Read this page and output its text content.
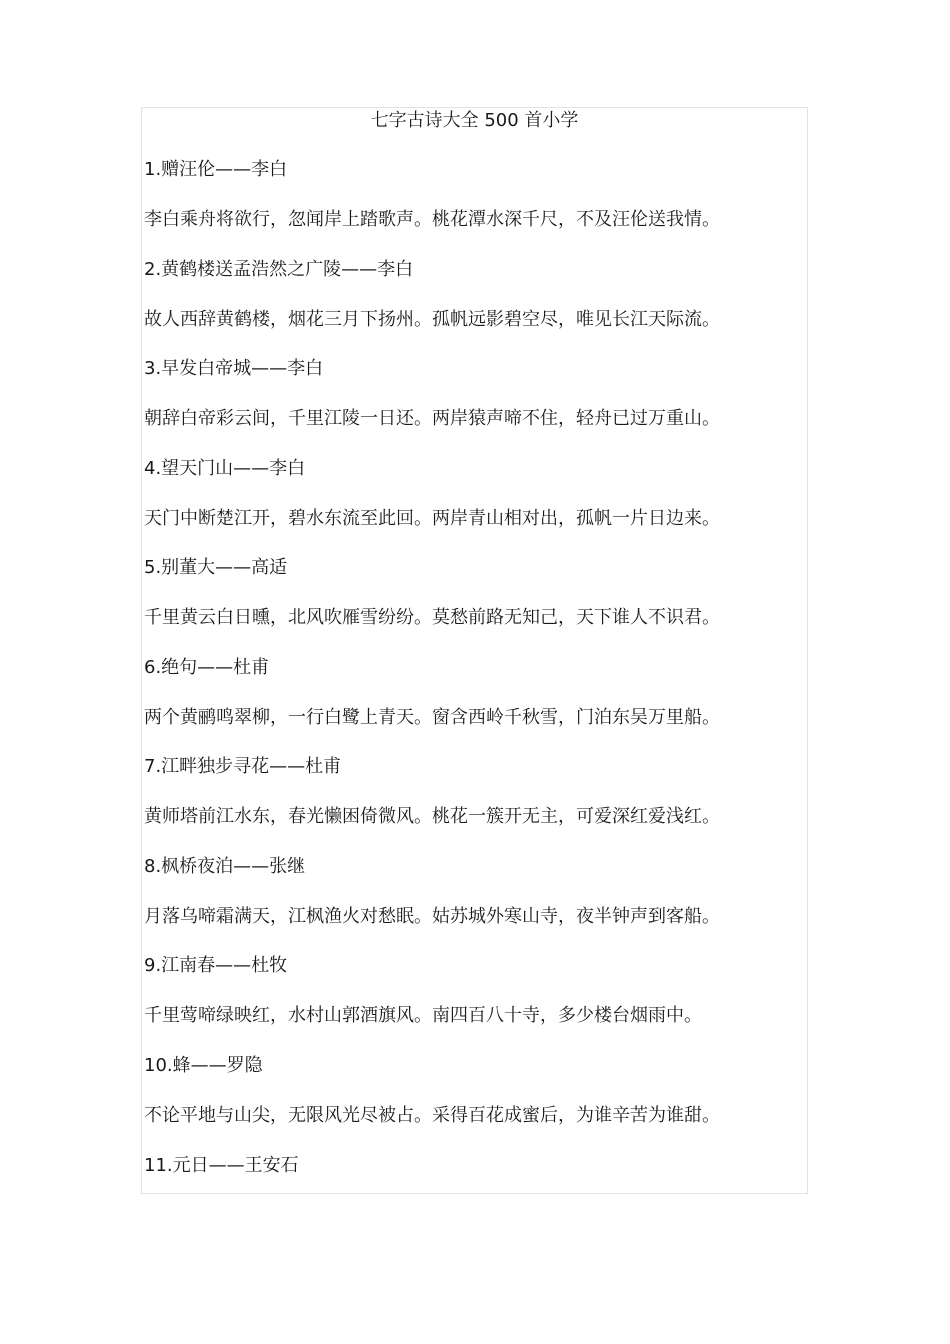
七字古诗大全 500 首小学
1.赠汪伦——李白
李白乘舟将欲行，忽闻岸上踏歌声。桃花潭水深千尺，不及汪伦送我情。
2.黄鹤楼送孟浩然之广陵——李白
故人西辞黄鹤楼，烟花三月下扬州。孤帆远影碧空尽，唯见长江天际流。
3.早发白帝城——李白
朝辞白帝彩云间，千里江陵一日还。两岸猿声啼不住，轻舟已过万重山。
4.望天门山——李白
天门中断楚江开，碧水东流至此回。两岸青山相对出，孤帆一片日边来。
5.别董大——高适
千里黄云白日曛，北风吹雁雪纷纷。莫愁前路无知己，天下谁人不识君。
6.绝句——杜甫
两个黄鹂鸣翠柳，一行白鹭上青天。窗含西岭千秋雪，门泊东吴万里船。
7.江畔独步寻花——杜甫
黄师塔前江水东，春光懒困倚微风。桃花一簇开无主，可爱深红爱浅红。
8.枫桥夜泊——张继
月落乌啼霜满天，江枫渔火对愁眠。姑苏城外寒山寺，夜半钟声到客船。
9.江南春——杜牧
千里莺啼绿映红，水村山郭酒旗风。南四百八十寺，多少楼台烟雨中。
10.蜂——罗隐
不论平地与山尖，无限风光尽被占。采得百花成蜜后，为谁辛苦为谁甜。
11.元日——王安石
